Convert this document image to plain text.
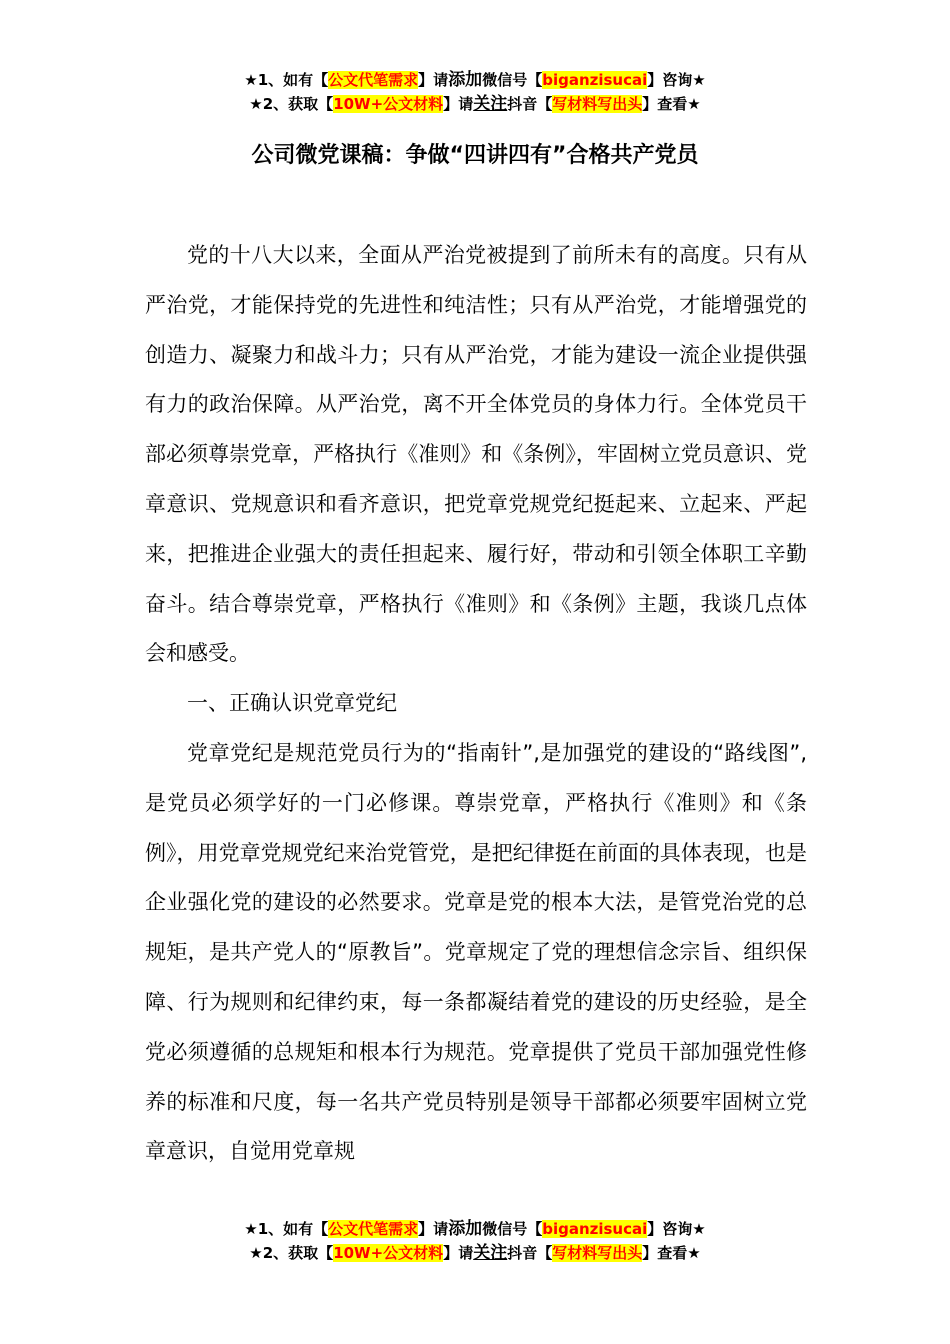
★1、如有【公文代笔需求】请添加微信号【biganzisucai】咨询★
★2、获取【10W+公文材料】请关注抖音【写材料写出头】查看★
公司微党课稿：争做“四讲四有”合格共产党员

党的十八大以来，全面从严治党被提到了前所未有的高度。只有从严治党，才能保持党的先进性和纯洁性；只有从严治党，才能增强党的创造力、凝聚力和战斗力；只有从严治党，才能为建设一流企业提供强有力的政治保障。从严治党，离不开全体党员的身体力行。全体党员干部必须尊崇党章，严格执行《准则》和《条例》，牢固树立党员意识、党章意识、党规意识和看齐意识，把党章党规党纪挺起来、立起来、严起来，把推进企业强大的责任担起来、履行好，带动和引领全体职工辛勤奋斗。结合尊崇党章，严格执行《准则》和《条例》主题，我谈几点体会和感受。

一、正确认识党章党纪

党章党纪是规范党员行为的“指南针”,是加强党的建设的“路线图”,是党员必须学好的一门必修课。尊崇党章，严格执行《准则》和《条例》，用党章党规党纪来治党管党，是把纪律挺在前面的具体表现，也是企业强化党的建设的必然要求。党章是党的根本大法，是管党治党的总规矩，是共产党人的“原教旨”。党章规定了党的理想信念宗旨、组织保障、行为规则和纪律约束，每一条都凝结着党的建设的历史经验，是全党必须遵循的总规矩和根本行为规范。党章提供了党员干部加强党性修养的标准和尺度，每一名共产党员特别是领导干部都必须要牢固树立党章意识，自觉用党章规

★1、如有【公文代笔需求】请添加微信号【biganzisucai】咨询★
★2、获取【10W+公文材料】请关注抖音【写材料写出头】查看★
